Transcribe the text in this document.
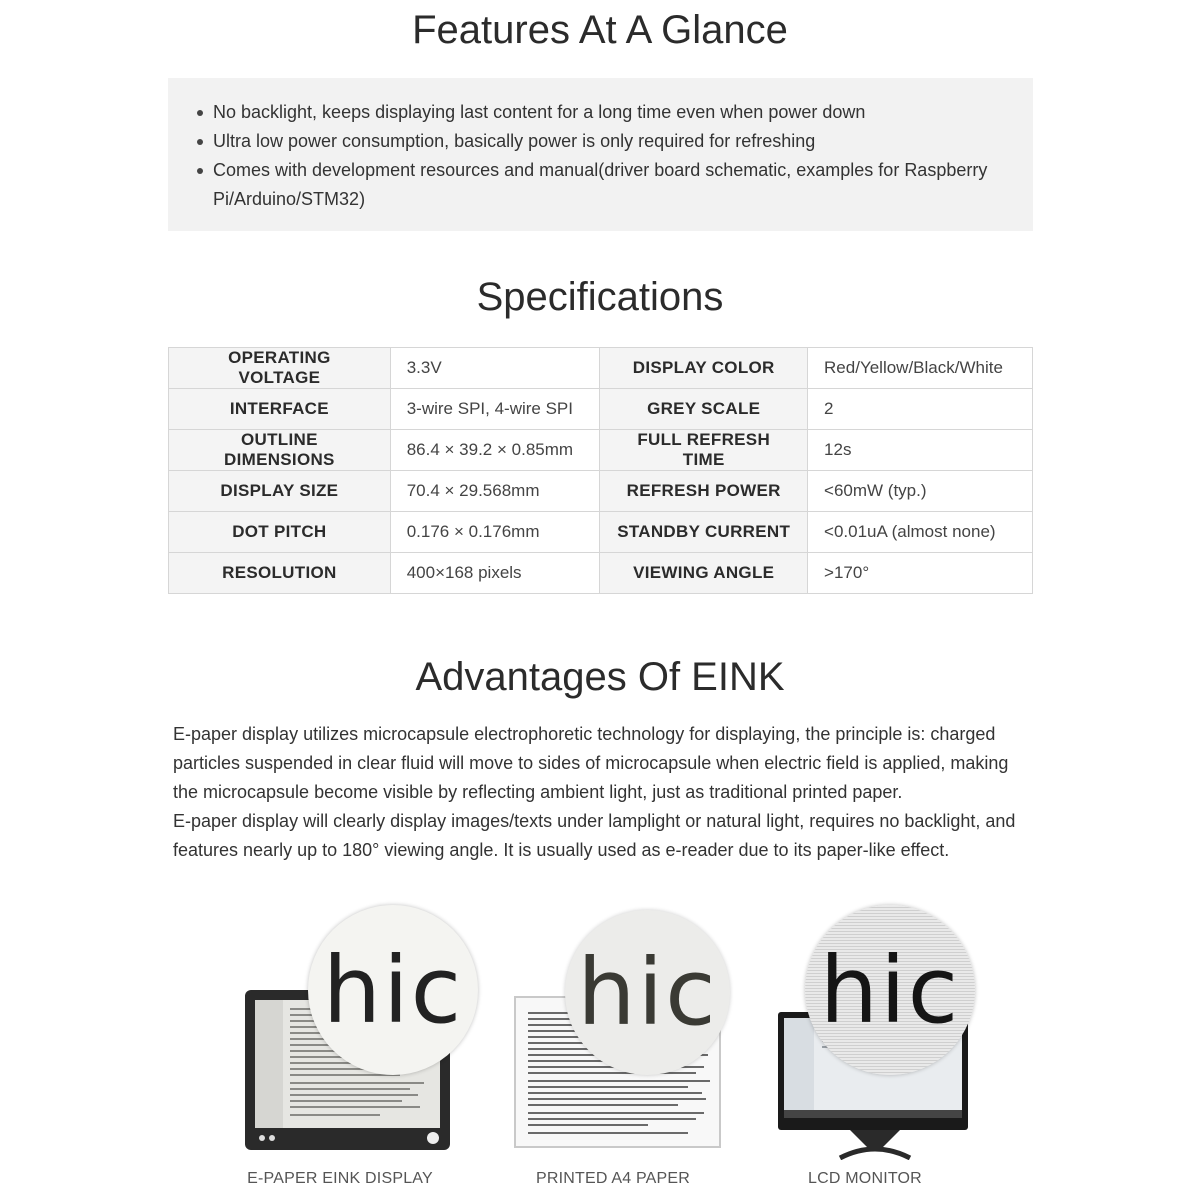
Features At A Glance
No backlight, keeps displaying last content for a long time even when power down
Ultra low power consumption, basically power is only required for refreshing
Comes with development resources and manual(driver board schematic, examples for Raspberry Pi/Arduino/STM32)
Specifications
OPERATING VOLTAGE	3.3V	DISPLAY COLOR	Red/Yellow/Black/White
INTERFACE	3-wire SPI, 4-wire SPI	GREY SCALE	2
OUTLINE DIMENSIONS	86.4 × 39.2 × 0.85mm	FULL REFRESH TIME	12s
DISPLAY SIZE	70.4 × 29.568mm	REFRESH POWER	<60mW (typ.)
DOT PITCH	0.176 × 0.176mm	STANDBY CURRENT	<0.01uA (almost none)
RESOLUTION	400×168 pixels	VIEWING ANGLE	>170°
Advantages Of EINK

E-paper display utilizes microcapsule electrophoretic technology for displaying, the principle is: charged particles suspended in clear fluid will move to sides of microcapsule when electric field is applied, making the microcapsule become visible by reflecting ambient light, just as traditional printed paper.

E-paper display will clearly display images/texts under lamplight or natural light, requires no backlight, and features nearly up to 180° viewing angle. It is usually used as e-reader due to its paper-like effect.

hic hic hic
E-PAPER EINK DISPLAY	PRINTED A4 PAPER	LCD MONITOR
